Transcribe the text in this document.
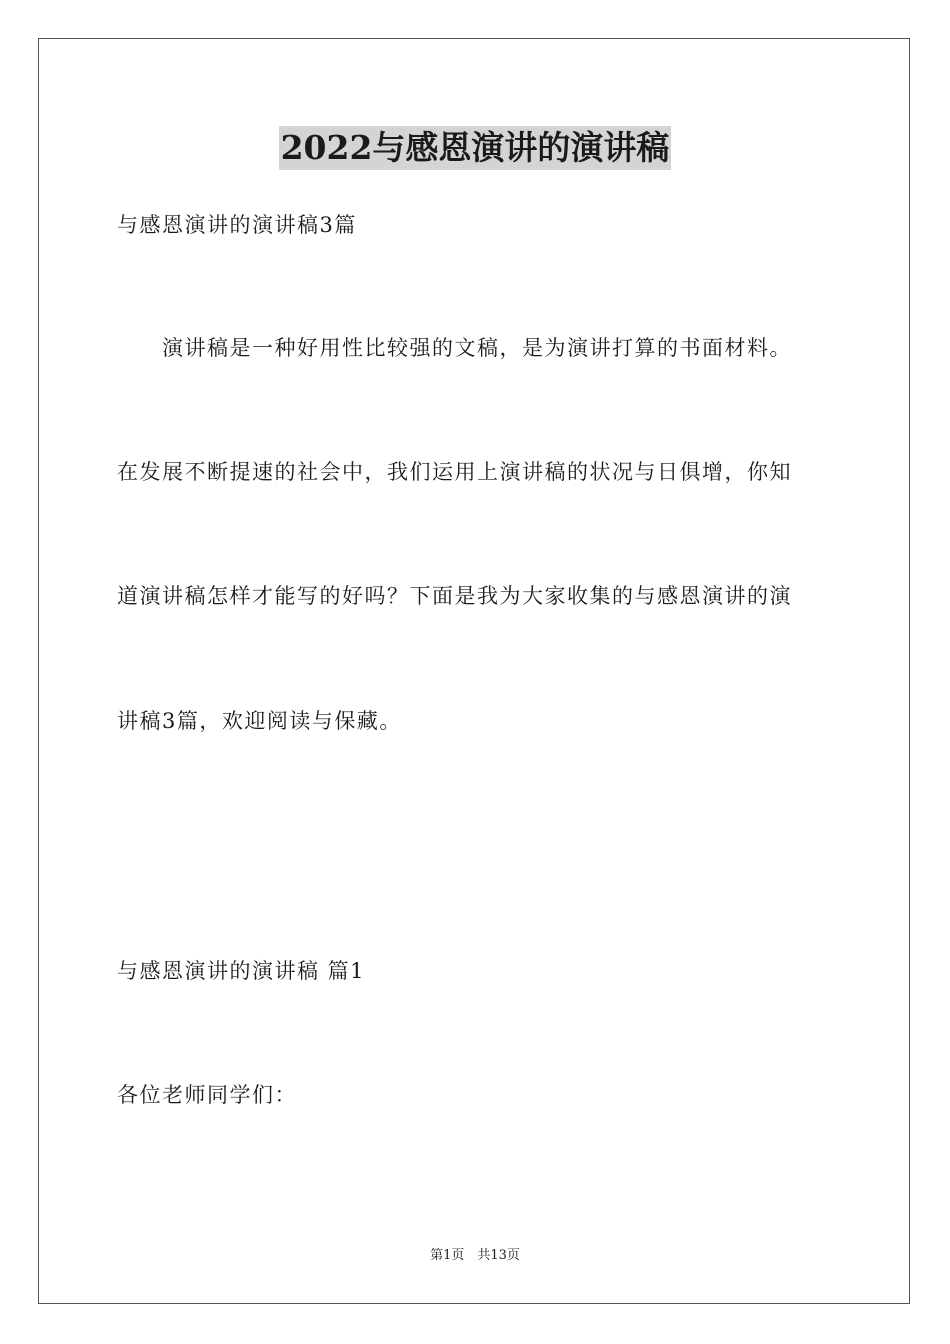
2022与感恩演讲的演讲稿
与感恩演讲的演讲稿3篇
　　演讲稿是一种好用性比较强的文稿，是为演讲打算的书面材料。
在发展不断提速的社会中，我们运用上演讲稿的状况与日俱增，你知
道演讲稿怎样才能写的好吗？下面是我为大家收集的与感恩演讲的演
讲稿3篇，欢迎阅读与保藏。
与感恩演讲的演讲稿 篇1
各位老师同学们：
第1页　共13页
